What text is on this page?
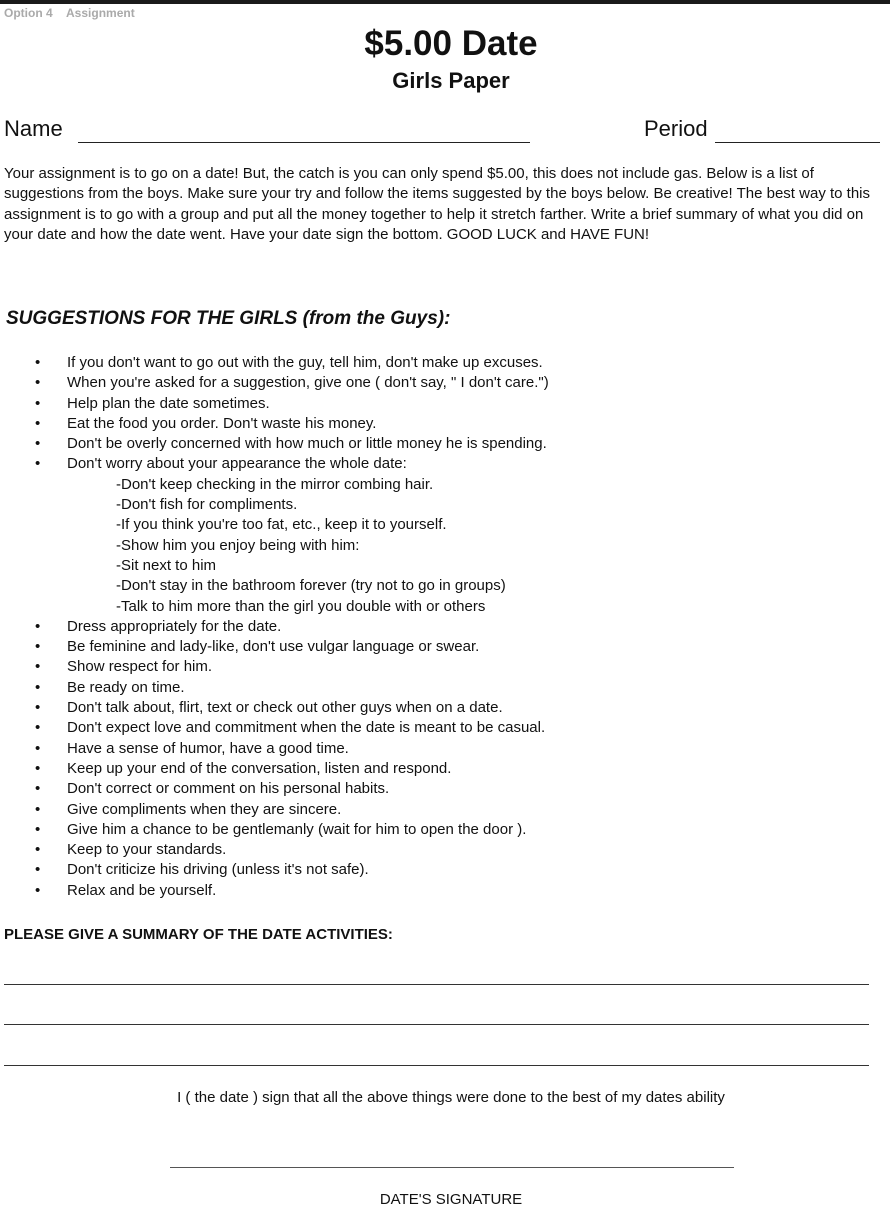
Option 4 Assignment
$5.00 Date
Girls Paper
Name	Period
Your assignment is to go on a date! But, the catch is you can only spend $5.00, this does not include gas. Below is a list of suggestions from the boys. Make sure your try and follow the items suggested by the boys below. Be creative! The best way to this assignment is to go with a group and put all the money together to help it stretch farther. Write a brief summary of what you did on your date and how the date went. Have your date sign the bottom. GOOD LUCK and HAVE FUN!
SUGGESTIONS FOR THE GIRLS (from the Guys):
• If you don't want to go out with the guy, tell him, don't make up excuses.
• When you're asked for a suggestion, give one ( don't say, " I don't care.")
• Help plan the date sometimes.
• Eat the food you order. Don't waste his money.
• Don't be overly concerned with how much or little money he is spending.
• Don't worry about your appearance the whole date:
-Don't keep checking in the mirror combing hair.
-Don't fish for compliments.
-If you think you're too fat, etc., keep it to yourself.
-Show him you enjoy being with him:
-Sit next to him
-Don't stay in the bathroom forever (try not to go in groups)
-Talk to him more than the girl you double with or others
• Dress appropriately for the date.
• Be feminine and lady-like, don't use vulgar language or swear.
• Show respect for him.
• Be ready on time.
• Don't talk about, flirt, text or check out other guys when on a date.
• Don't expect love and commitment when the date is meant to be casual.
• Have a sense of humor, have a good time.
• Keep up your end of the conversation, listen and respond.
• Don't correct or comment on his personal habits.
• Give compliments when they are sincere.
• Give him a chance to be gentlemanly (wait for him to open the door ).
• Keep to your standards.
• Don't criticize his driving (unless it's not safe).
• Relax and be yourself.
PLEASE GIVE A SUMMARY OF THE DATE ACTIVITIES:
I ( the date ) sign that all the above things were done to the best of my dates ability
DATE'S SIGNATURE
